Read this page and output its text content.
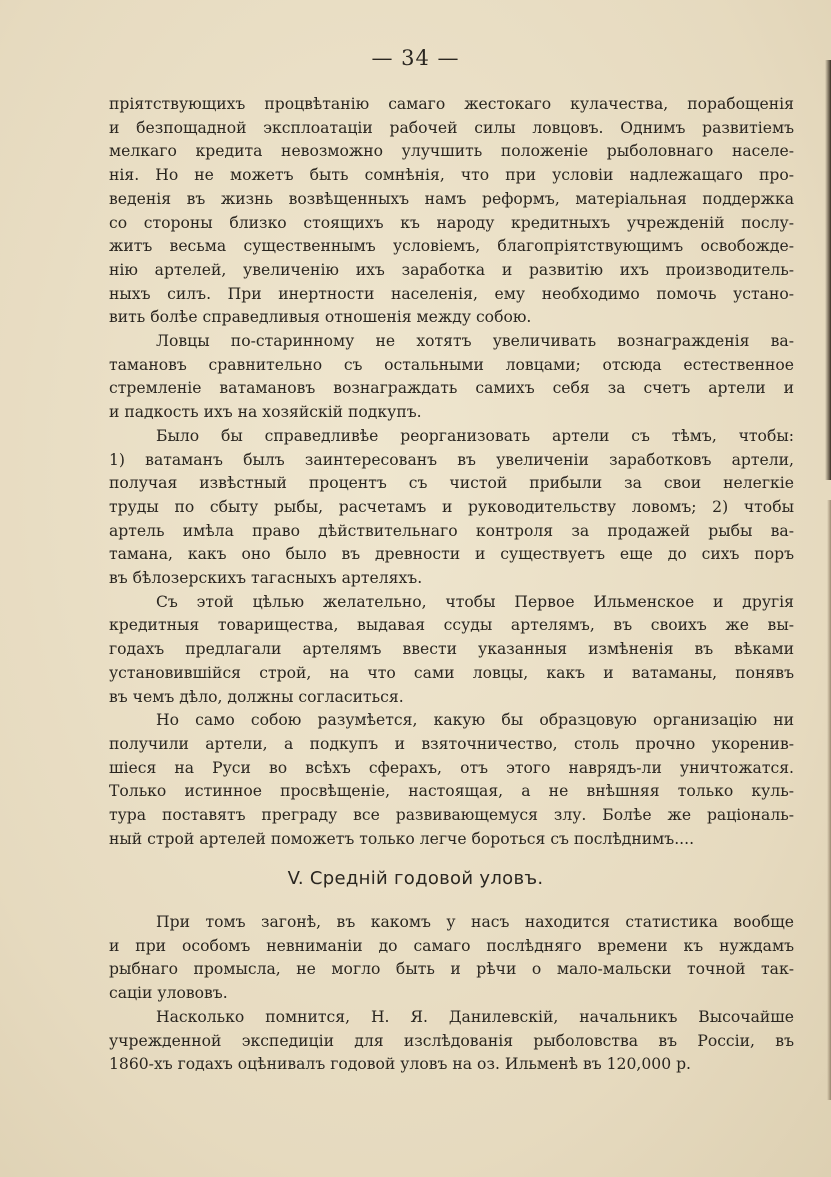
— 34 —
пріятствующихъ процвѣтанію самаго жестокаго кулачества, порабощенія
и безпощадной эксплоатаціи рабочей силы ловцовъ. Однимъ развитіемъ
мелкаго кредита невозможно улучшить положеніе рыболовнаго населе-
нія. Но не можетъ быть сомнѣнія, что при условіи надлежащаго про-
веденія въ жизнь возвѣщенныхъ намъ реформъ, матеріальная поддержка
со стороны близко стоящихъ къ народу кредитныхъ учрежденій послу-
житъ весьма существеннымъ условіемъ, благопріятствующимъ освобожде-
нію артелей, увеличенію ихъ заработка и развитію ихъ производитель-
ныхъ силъ. При инертности населенія, ему необходимо помочь устано-
вить болѣе справедливыя отношенія между собою.
Ловцы по-старинному не хотятъ увеличивать вознагражденія ва-
тамановъ сравнительно съ остальными ловцами; отсюда естественное
стремленіе ватамановъ вознаграждать самихъ себя за счетъ артели и
и падкость ихъ на хозяйскій подкупъ.
Было бы справедливѣе реорганизовать артели съ тѣмъ, чтобы:
1) ватаманъ былъ заинтересованъ въ увеличеніи заработковъ артели,
получая извѣстный процентъ съ чистой прибыли за свои нелегкіе
труды по сбыту рыбы, расчетамъ и руководительству ловомъ; 2) чтобы
артель имѣла право дѣйствительнаго контроля за продажей рыбы ва-
тамана, какъ оно было въ древности и существуетъ еще до сихъ поръ
въ бѣлозерскихъ тагасныхъ артеляхъ.
Съ этой цѣлью желательно, чтобы Первое Ильменское и другія
кредитныя товарищества, выдавая ссуды артелямъ, въ своихъ же вы-
годахъ предлагали артелямъ ввести указанныя измѣненія въ вѣками
установившійся строй, на что сами ловцы, какъ и ватаманы, понявъ
въ чемъ дѣло, должны согласиться.
Но само собою разумѣется, какую бы образцовую организацію ни
получили артели, а подкупъ и взяточничество, столь прочно укоренив-
шіеся на Руси во всѣхъ сферахъ, отъ этого наврядъ-ли уничтожатся.
Только истинное просвѣщеніе, настоящая, а не внѣшняя только куль-
тура поставятъ преграду все развивающемуся злу. Болѣе же раціональ-
ный строй артелей поможетъ только легче бороться съ послѣднимъ....
V. Средній годовой уловъ.
При томъ загонѣ, въ какомъ у насъ находится статистика вообще
и при особомъ невниманіи до самаго послѣдняго времени къ нуждамъ
рыбнаго промысла, не могло быть и рѣчи о мало-мальски точной так-
саціи улововъ.
Насколько помнится, Н. Я. Данилевскій, начальникъ Высочайше
учрежденной экспедиціи для изслѣдованія рыболовства въ Россіи, въ
1860-хъ годахъ оцѣнивалъ годовой уловъ на оз. Ильменѣ въ 120,000 р.
